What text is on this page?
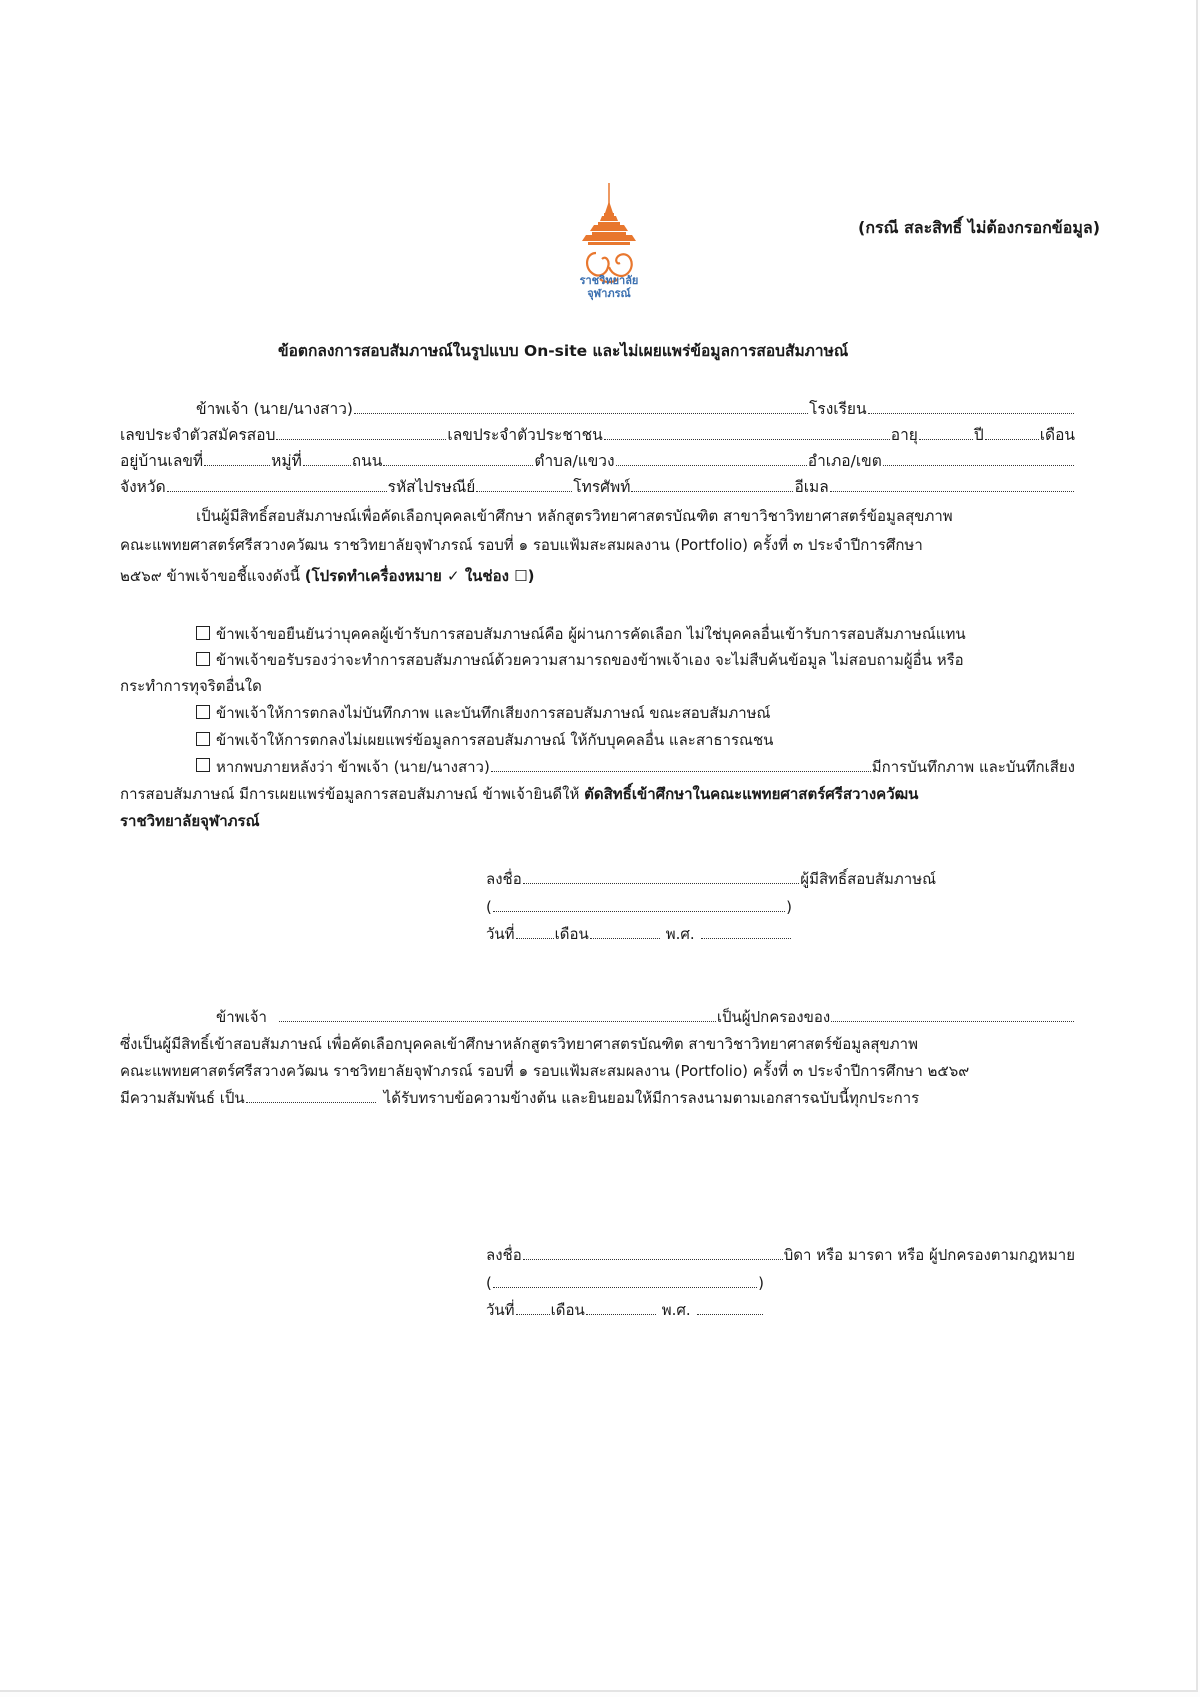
ราชวิทยาลัย
จุฬาภรณ์
(กรณี สละสิทธิ์ ไม่ต้องกรอกข้อมูล)
ข้อตกลงการสอบสัมภาษณ์ในรูปแบบ On-site และไม่เผยแพร่ข้อมูลการสอบสัมภาษณ์
ข้าพเจ้า (นาย/นางสาว)	โรงเรียน
เลขประจำตัวสมัครสอบ	เลขประจำตัวประชาชน	อายุ	ปี	เดือน
อยู่บ้านเลขที่	หมู่ที่	ถนน	ตำบล/แขวง	อำเภอ/เขต
จังหวัด	รหัสไปรษณีย์	โทรศัพท์	อีเมล
เป็นผู้มีสิทธิ์สอบสัมภาษณ์เพื่อคัดเลือกบุคคลเข้าศึกษา หลักสูตรวิทยาศาสตรบัณฑิต สาขาวิชาวิทยาศาสตร์ข้อมูลสุขภาพ
คณะแพทยศาสตร์ศรีสวางควัฒน ราชวิทยาลัยจุฬาภรณ์ รอบที่ ๑ รอบแฟ้มสะสมผลงาน (Portfolio) ครั้งที่ ๓ ประจำปีการศึกษา
๒๕๖๙ ข้าพเจ้าขอชี้แจงดังนี้ (โปรดทำเครื่องหมาย ✓ ในช่อง ☐)
ข้าพเจ้าขอยืนยันว่าบุคคลผู้เข้ารับการสอบสัมภาษณ์คือ ผู้ผ่านการคัดเลือก ไม่ใช่บุคคลอื่นเข้ารับการสอบสัมภาษณ์แทน
ข้าพเจ้าขอรับรองว่าจะทำการสอบสัมภาษณ์ด้วยความสามารถของข้าพเจ้าเอง จะไม่สืบค้นข้อมูล ไม่สอบถามผู้อื่น หรือ
กระทำการทุจริตอื่นใด
ข้าพเจ้าให้การตกลงไม่บันทึกภาพ และบันทึกเสียงการสอบสัมภาษณ์ ขณะสอบสัมภาษณ์
ข้าพเจ้าให้การตกลงไม่เผยแพร่ข้อมูลการสอบสัมภาษณ์ ให้กับบุคคลอื่น และสาธารณชน
หากพบภายหลังว่า ข้าพเจ้า (นาย/นางสาว)	มีการบันทึกภาพ และบันทึกเสียง
การสอบสัมภาษณ์ มีการเผยแพร่ข้อมูลการสอบสัมภาษณ์ ข้าพเจ้ายินดีให้ ตัดสิทธิ์เข้าศึกษาในคณะแพทยศาสตร์ศรีสวางควัฒน
ราชวิทยาลัยจุฬาภรณ์
ลงชื่อ	ผู้มีสิทธิ์สอบสัมภาษณ์
(	)
วันที่	เดือน	พ.ศ.
ข้าพเจ้า	เป็นผู้ปกครองของ
ซึ่งเป็นผู้มีสิทธิ์เข้าสอบสัมภาษณ์ เพื่อคัดเลือกบุคคลเข้าศึกษาหลักสูตรวิทยาศาสตรบัณฑิต สาขาวิชาวิทยาศาสตร์ข้อมูลสุขภาพ
คณะแพทยศาสตร์ศรีสวางควัฒน ราชวิทยาลัยจุฬาภรณ์ รอบที่ ๑ รอบแฟ้มสะสมผลงาน (Portfolio) ครั้งที่ ๓ ประจำปีการศึกษา ๒๕๖๙
มีความสัมพันธ์ เป็น	ได้รับทราบข้อความข้างต้น และยินยอมให้มีการลงนามตามเอกสารฉบับนี้ทุกประการ
ลงชื่อ	บิดา หรือ มารดา หรือ ผู้ปกครองตามกฎหมาย
(	)
วันที่ เดือน	พ.ศ.
